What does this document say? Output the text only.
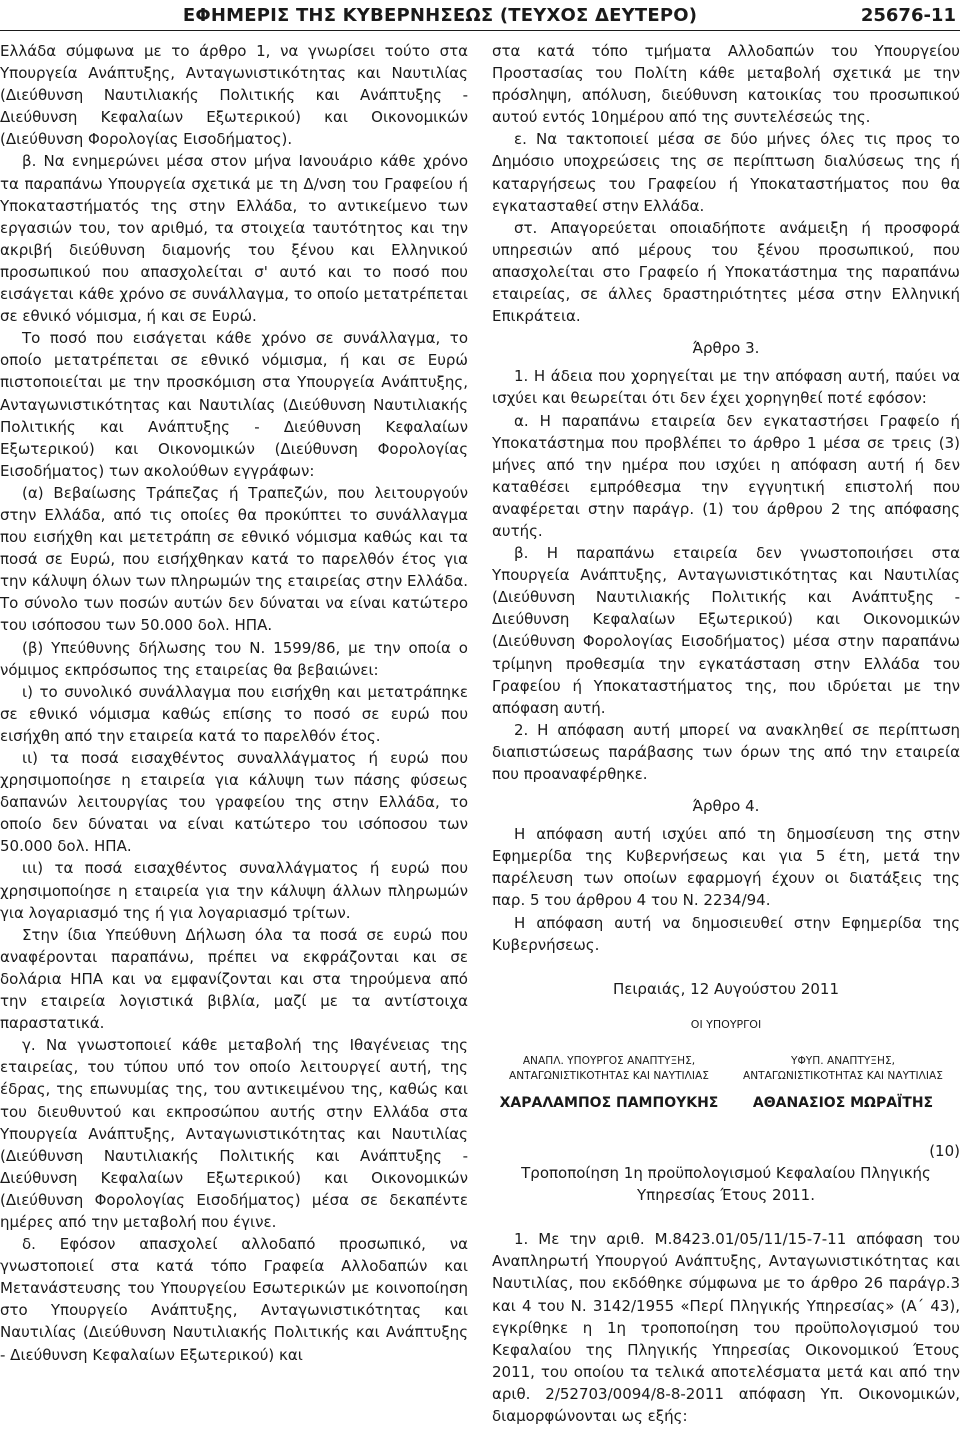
ΕΦΗΜΕΡΙΣ ΤΗΣ ΚΥΒΕΡΝΗΣΕΩΣ (ΤΕΥΧΟΣ ΔΕΥΤΕΡΟ)	25676-11

Ελλάδα σύμφωνα με το άρθρο 1, να γνωρίσει τούτο στα Υπουργεία Ανάπτυξης, Ανταγωνιστικότητας και Ναυτιλίας (Διεύθυνση Ναυτιλιακής Πολιτικής και Ανάπτυξης - Διεύθυνση Κεφαλαίων Εξωτερικού) και Οικονομικών (Διεύθυνση Φορολογίας Εισοδήματος).

β. Να ενημερώνει μέσα στον μήνα Ιανουάριο κάθε χρόνο τα παραπάνω Υπουργεία σχετικά με τη Δ/νση του Γραφείου ή Υποκαταστήματός της στην Ελλάδα, το αντικείμενο των εργασιών του, τον αριθμό, τα στοιχεία ταυτότητος και την ακριβή διεύθυνση διαμονής του ξένου και Ελληνικού προσωπικού που απασχολείται σ' αυτό και το ποσό που εισάγεται κάθε χρόνο σε συνάλλαγμα, το οποίο μετατρέπεται σε εθνικό νόμισμα, ή και σε Ευρώ.

Το ποσό που εισάγεται κάθε χρόνο σε συνάλλαγμα, το οποίο μετατρέπεται σε εθνικό νόμισμα, ή και σε Ευρώ πιστοποιείται με την προσκόμιση στα Υπουργεία Ανάπτυξης, Ανταγωνιστικότητας και Ναυτιλίας (Διεύθυνση Ναυτιλιακής Πολιτικής και Ανάπτυξης - Διεύθυνση Κεφαλαίων Εξωτερικού) και Οικονομικών (Διεύθυνση Φορολογίας Εισοδήματος) των ακολούθων εγγράφων:

(α) Βεβαίωσης Τράπεζας ή Τραπεζών, που λειτουργούν στην Ελλάδα, από τις οποίες θα προκύπτει το συνάλλαγμα που εισήχθη και μετετράπη σε εθνικό νόμισμα καθώς και τα ποσά σε Ευρώ, που εισήχθηκαν κατά το παρελθόν έτος για την κάλυψη όλων των πληρωμών της εταιρείας στην Ελλάδα. Το σύνολο των ποσών αυτών δεν δύναται να είναι κατώτερο του ισόποσου των 50.000 δολ. ΗΠΑ.

(β) Υπεύθυνης δήλωσης του Ν. 1599/86, με την οποία ο νόμιμος εκπρόσωπος της εταιρείας θα βεβαιώνει:

ι) το συνολικό συνάλλαγμα που εισήχθη και μετατράπηκε σε εθνικό νόμισμα καθώς επίσης το ποσό σε ευρώ που εισήχθη από την εταιρεία κατά το παρελθόν έτος.

ιι) τα ποσά εισαχθέντος συναλλάγματος ή ευρώ που χρησιμοποίησε η εταιρεία για κάλυψη των πάσης φύσεως δαπανών λειτουργίας του γραφείου της στην Ελλάδα, το οποίο δεν δύναται να είναι κατώτερο του ισόποσου των 50.000 δολ. ΗΠΑ.

ιιι) τα ποσά εισαχθέντος συναλλάγματος ή ευρώ που χρησιμοποίησε η εταιρεία για την κάλυψη άλλων πληρωμών για λογαριασμό της ή για λογαριασμό τρίτων.

Στην ίδια Υπεύθυνη Δήλωση όλα τα ποσά σε ευρώ που αναφέρονται παραπάνω, πρέπει να εκφράζονται και σε δολάρια ΗΠΑ και να εμφανίζονται και στα τηρούμενα από την εταιρεία λογιστικά βιβλία, μαζί με τα αντίστοιχα παραστατικά.

γ. Να γνωστοποιεί κάθε μεταβολή της Ιθαγένειας της εταιρείας, του τύπου υπό τον οποίο λειτουργεί αυτή, της έδρας, της επωνυμίας της, του αντικειμένου της, καθώς και του διευθυντού και εκπροσώπου αυτής στην Ελλάδα στα Υπουργεία Ανάπτυξης, Ανταγωνιστικότητας και Ναυτιλίας (Διεύθυνση Ναυτιλιακής Πολιτικής και Ανάπτυξης - Διεύθυνση Κεφαλαίων Εξωτερικού) και Οικονομικών (Διεύθυνση Φορολογίας Εισοδήματος) μέσα σε δεκαπέντε ημέρες από την μεταβολή που έγινε.

δ. Εφόσον απασχολεί αλλοδαπό προσωπικό, να γνωστοποιεί στα κατά τόπο Γραφεία Αλλοδαπών και Μετανάστευσης του Υπουργείου Εσωτερικών με κοινοποίηση στο Υπουργείο Ανάπτυξης, Ανταγωνιστικότητας και Ναυτιλίας (Διεύθυνση Ναυτιλιακής Πολιτικής και Ανάπτυξης - Διεύθυνση Κεφαλαίων Εξωτερικού) και

στα κατά τόπο τμήματα Αλλοδαπών του Υπουργείου Προστασίας του Πολίτη κάθε μεταβολή σχετικά με την πρόσληψη, απόλυση, διεύθυνση κατοικίας του προσωπικού αυτού εντός 10ημέρου από της συντελέσεώς της.

ε. Να τακτοποιεί μέσα σε δύο μήνες όλες τις προς το Δημόσιο υποχρεώσεις της σε περίπτωση διαλύσεως της ή καταργήσεως του Γραφείου ή Υποκαταστήματος που θα εγκατασταθεί στην Ελλάδα.

στ. Απαγορεύεται οποιαδήποτε ανάμειξη ή προσφορά υπηρεσιών από μέρους του ξένου προσωπικού, που απασχολείται στο Γραφείο ή Υποκατάστημα της παραπάνω εταιρείας, σε άλλες δραστηριότητες μέσα στην Ελληνική Επικράτεια.

Άρθρο 3.

1. Η άδεια που χορηγείται με την απόφαση αυτή, παύει να ισχύει και θεωρείται ότι δεν έχει χορηγηθεί ποτέ εφόσον:

α. Η παραπάνω εταιρεία δεν εγκαταστήσει Γραφείο ή Υποκατάστημα που προβλέπει το άρθρο 1 μέσα σε τρεις (3) μήνες από την ημέρα που ισχύει η απόφαση αυτή ή δεν καταθέσει εμπρόθεσμα την εγγυητική επιστολή που αναφέρεται στην παράγρ. (1) του άρθρου 2 της απόφασης αυτής.

β. Η παραπάνω εταιρεία δεν γνωστοποιήσει στα Υπουργεία Ανάπτυξης, Ανταγωνιστικότητας και Ναυτιλίας (Διεύθυνση Ναυτιλιακής Πολιτικής και Ανάπτυξης - Διεύθυνση Κεφαλαίων Εξωτερικού) και Οικονομικών (Διεύθυνση Φορολογίας Εισοδήματος) μέσα στην παραπάνω τρίμηνη προθεσμία την εγκατάσταση στην Ελλάδα του Γραφείου ή Υποκαταστήματος της, που ιδρύεται με την απόφαση αυτή.

2. Η απόφαση αυτή μπορεί να ανακληθεί σε περίπτωση διαπιστώσεως παράβασης των όρων της από την εταιρεία που προαναφέρθηκε.

Άρθρο 4.

Η απόφαση αυτή ισχύει από τη δημοσίευση της στην Εφημερίδα της Κυβερνήσεως και για 5 έτη, μετά την παρέλευση των οποίων εφαρμογή έχουν οι διατάξεις της παρ. 5 του άρθρου 4 του Ν. 2234/94.

Η απόφαση αυτή να δημοσιευθεί στην Εφημερίδα της Κυβερνήσεως.

Πειραιάς, 12 Αυγούστου 2011

ΟΙ ΥΠΟΥΡΓΟΙ

ΑΝΑΠΛ. ΥΠΟΥΡΓΟΣ ΑΝΑΠΤΥΞΗΣ,
ΑΝΤΑΓΩΝΙΣΤΙΚΟΤΗΤΑΣ ΚΑΙ ΝΑΥΤΙΛΙΑΣ
ΧΑΡΑΛΑΜΠΟΣ ΠΑΜΠΟΥΚΗΣ
ΥΦΥΠ. ΑΝΑΠΤΥΞΗΣ,
ΑΝΤΑΓΩΝΙΣΤΙΚΟΤΗΤΑΣ ΚΑΙ ΝΑΥΤΙΛΙΑΣ
ΑΘΑΝΑΣΙΟΣ ΜΩΡΑΪΤΗΣ

(10)

Τροποποίηση 1η προϋπολογισμού Κεφαλαίου Πληγικής Υπηρεσίας Έτους 2011.

1. Με την αριθ. Μ.8423.01/05/11/15-7-11 απόφαση του Αναπληρωτή Υπουργού Ανάπτυξης, Ανταγωνιστικότητας και Ναυτιλίας, που εκδόθηκε σύμφωνα με το άρθρο 26 παράγρ.3 και 4 του Ν. 3142/1955 «Περί Πληγικής Υπηρεσίας» (Α΄ 43), εγκρίθηκε η 1η τροποποίηση του προϋπολογισμού του Κεφαλαίου της Πληγικής Υπηρεσίας Οικονομικού Έτους 2011, του οποίου τα τελικά αποτελέσματα μετά και από την αριθ. 2/52703/0094/8-8-2011 απόφαση Υπ. Οικονομικών, διαμορφώνονται ως εξής:
